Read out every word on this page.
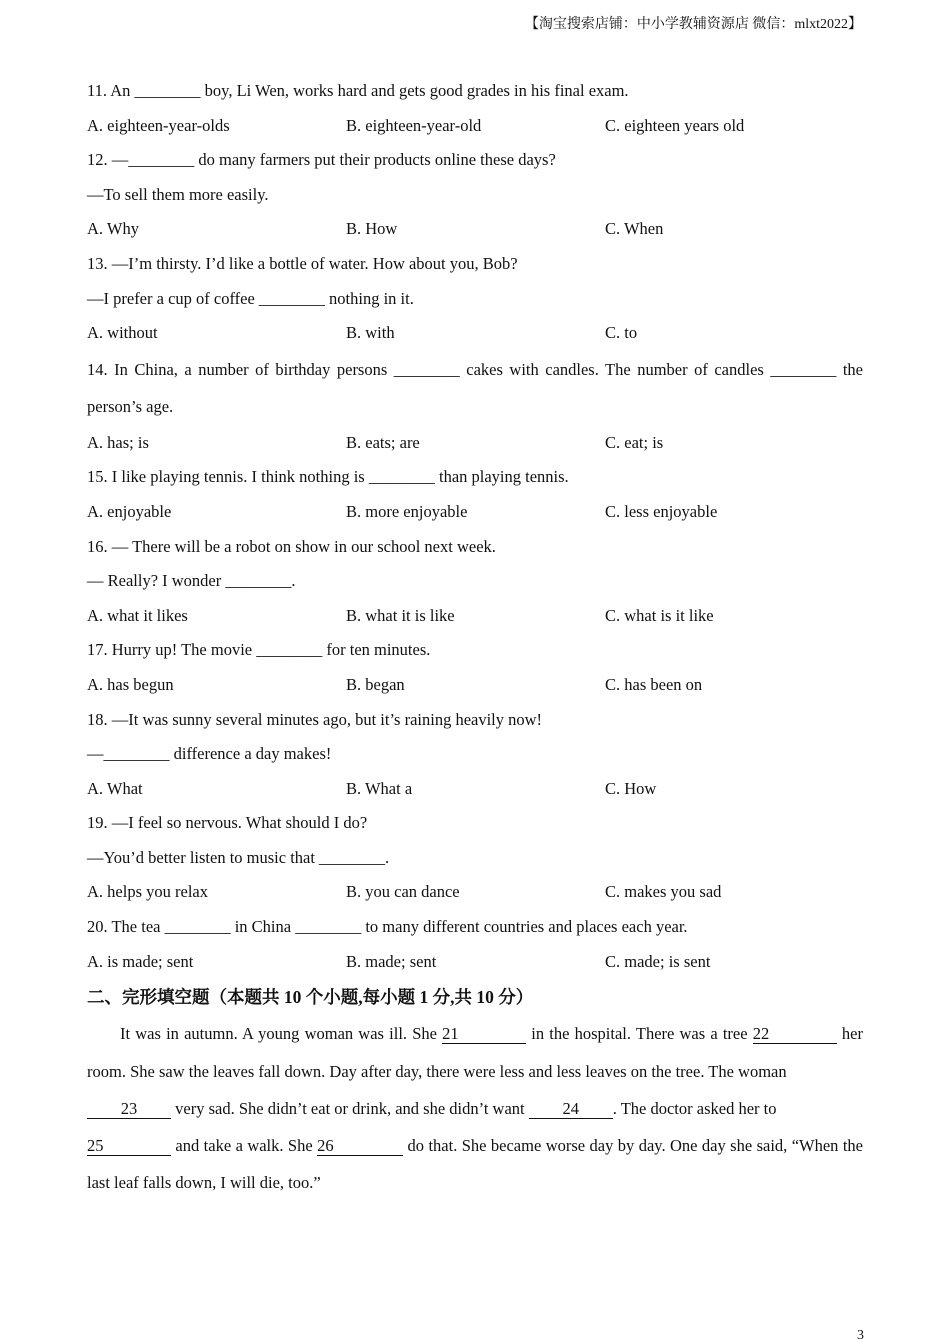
【淘宝搜索店铺：中小学教辅资源店 微信：mlxt2022】
11. An ________ boy, Li Wen, works hard and gets good grades in his final exam.
A. eighteen-year-olds	B. eighteen-year-old	C. eighteen years old
12. —________ do many farmers put their products online these days?
—To sell them more easily.
A. Why	B. How	C. When
13. —I’m thirsty. I’d like a bottle of water. How about you, Bob?
—I prefer a cup of coffee ________ nothing in it.
A. without	B. with	C. to
14. In China, a number of birthday persons ________ cakes with candles. The number of candles ________ the
person’s age.
A. has; is	B. eats; are	C. eat; is
15. I like playing tennis. I think nothing is ________ than playing tennis.
A. enjoyable	B. more enjoyable	C. less enjoyable
16. — There will be a robot on show in our school next week.
— Really? I wonder ________.
A. what it likes	B. what it is like	C. what is it like
17. Hurry up! The movie ________ for ten minutes.
A. has begun	B. began	C. has been on
18. —It was sunny several minutes ago, but it’s raining heavily now!
—________ difference a day makes!
A. What	B. What a	C. How
19. —I feel so nervous. What should I do?
—You’d better listen to music that ________.
A. helps you relax	B. you can dance	C. makes you sad
20. The tea ________ in China ________ to many different countries and places each year.
A. is made; sent	B. made; sent	C. made; is sent
二、完形填空题（本题共 10 个小题,每小题 1 分,共 10 分）
It was in autumn. A young woman was ill. She 21	in the hospital. There was a tree 22	her
room. She saw the leaves fall down. Day after day, there were less and less leaves on the tree. The woman
23 very sad. She didn’t eat or drink, and she didn’t want 24 . The doctor asked her to
25	and take a walk. She 26	do that. She became worse day by day. One day she said, “When the
last leaf falls down, I will die, too.”
3
